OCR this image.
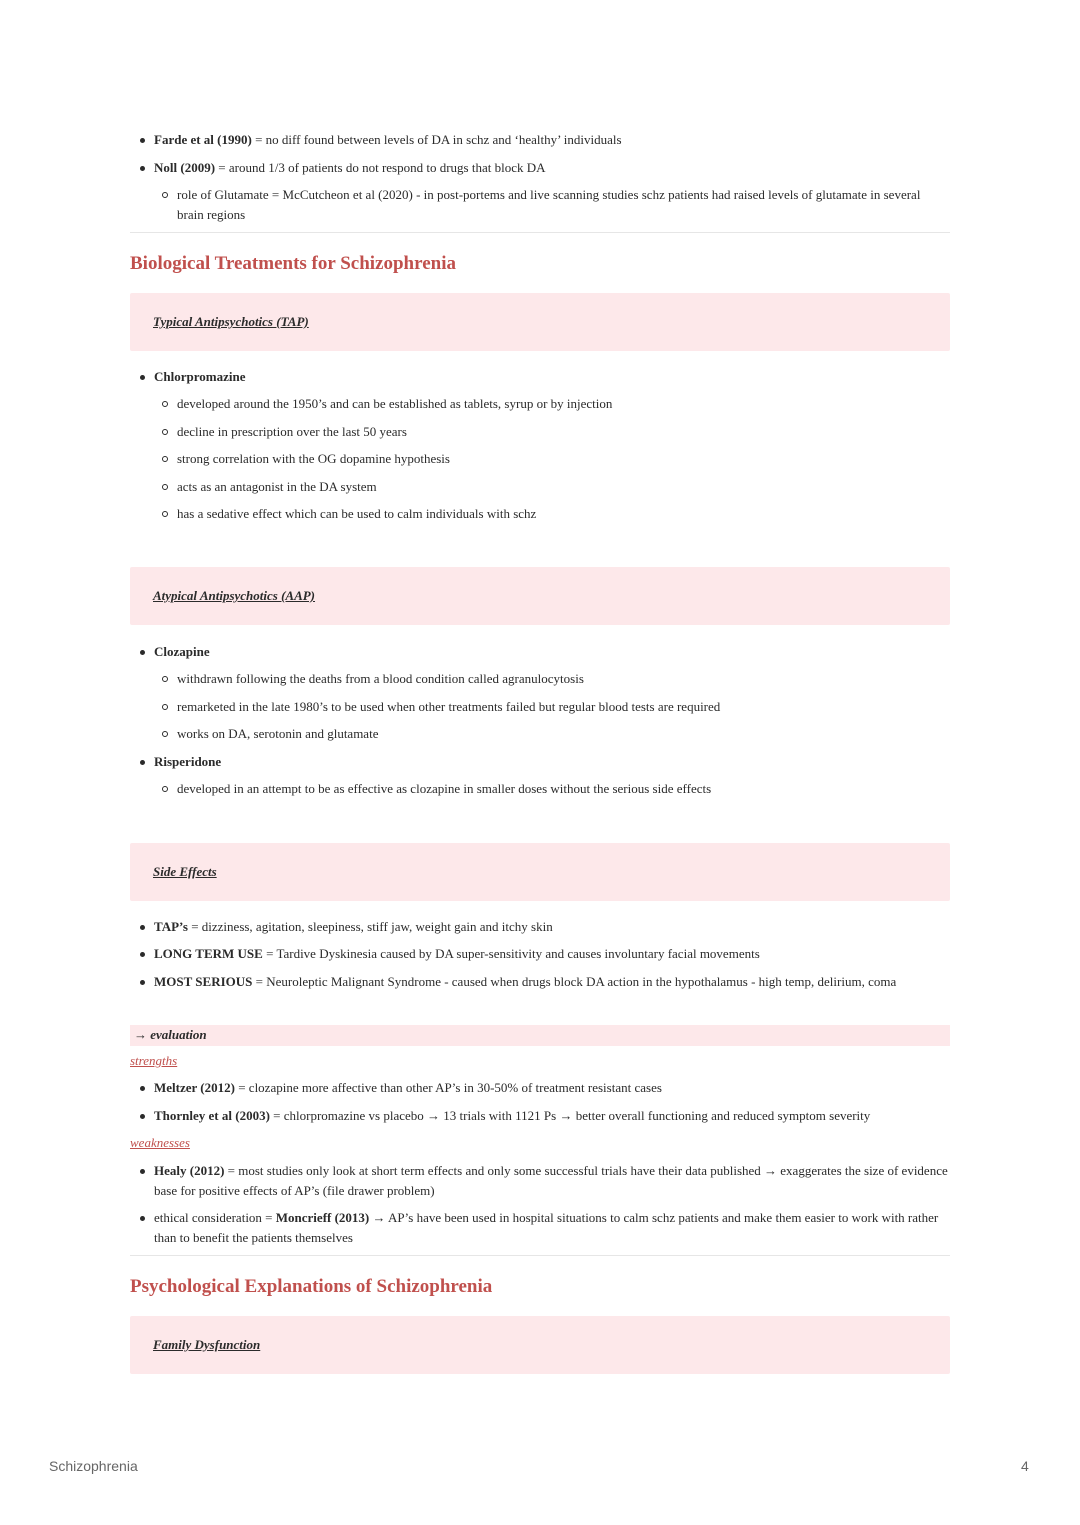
Farde et al (1990) = no diff found between levels of DA in schz and ‘healthy’ individuals
Noll (2009) = around 1/3 of patients do not respond to drugs that block DA
role of Glutamate = McCutcheon et al (2020) - in post-portems and live scanning studies schz patients had raised levels of glutamate in several brain regions
Biological Treatments for Schizophrenia
Typical Antipsychotics (TAP)
Chlorpromazine
developed around the 1950’s and can be established as tablets, syrup or by injection
decline in prescription over the last 50 years
strong correlation with the OG dopamine hypothesis
acts as an antagonist in the DA system
has a sedative effect which can be used to calm individuals with schz
Atypical Antipsychotics (AAP)
Clozapine
withdrawn following the deaths from a blood condition called agranulocytosis
remarketed in the late 1980’s to be used when other treatments failed but regular blood tests are required
works on DA, serotonin and glutamate
Risperidone
developed in an attempt to be as effective as clozapine in smaller doses without the serious side effects
Side Effects
TAP’s = dizziness, agitation, sleepiness, stiff jaw, weight gain and itchy skin
LONG TERM USE = Tardive Dyskinesia caused by DA super-sensitivity and causes involuntary facial movements
MOST SERIOUS = Neuroleptic Malignant Syndrome - caused when drugs block DA action in the hypothalamus - high temp, delirium, coma
→ evaluation
strengths
Meltzer (2012) = clozapine more affective than other AP’s in 30-50% of treatment resistant cases
Thornley et al (2003) = chlorpromazine vs placebo → 13 trials with 1121 Ps → better overall functioning and reduced symptom severity
weaknesses
Healy (2012) = most studies only look at short term effects and only some successful trials have their data published → exaggerates the size of evidence base for positive effects of AP’s (file drawer problem)
ethical consideration = Moncrieff (2013) → AP’s have been used in hospital situations to calm schz patients and make them easier to work with rather than to benefit the patients themselves
Psychological Explanations of Schizophrenia
Family Dysfunction
Schizophrenia	4
